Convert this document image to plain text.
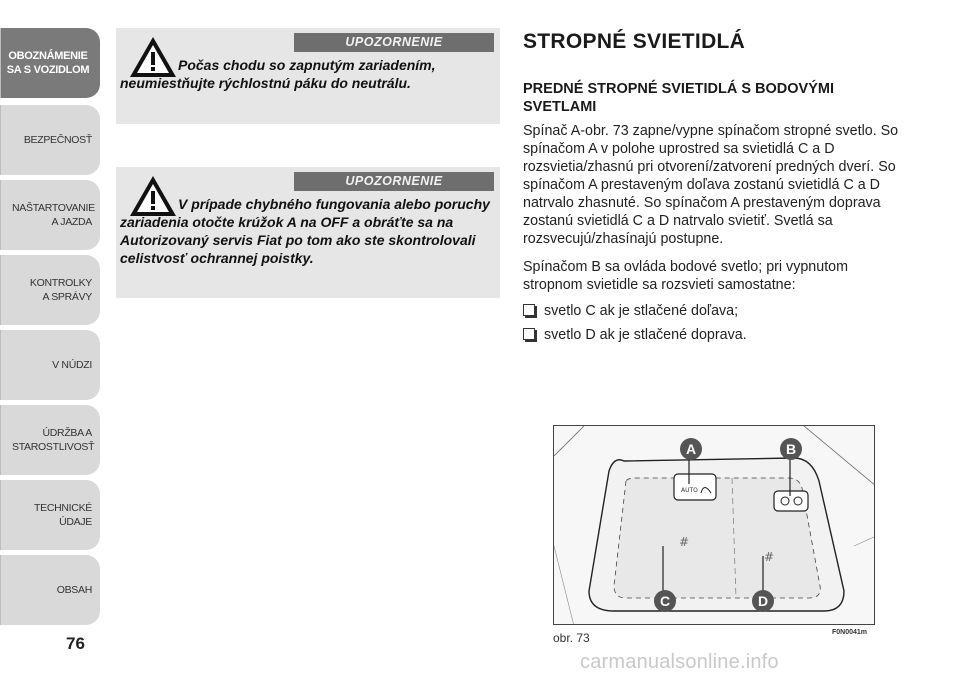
OBOZNÁMENIE SA S VOZIDLOM
BEZPEČNOSŤ
NAŠTARTOVANIE A JAZDA
KONTROLKY A SPRÁVY
V NÚDZI
ÚDRŽBA A STAROSTLIVOSŤ
TECHNICKÉ ÚDAJE
OBSAH
76
UPOZORNENIE
Počas chodu so zapnutým zariadením, neumiestňujte rýchlostnú páku do neutrálu.
UPOZORNENIE
V prípade chybného fungovania alebo poruchy zariadenia otočte krúžok A na OFF a obráťte sa na Autorizovaný servis Fiat po tom ako ste skontrolovali celistvosť ochrannej poistky.
STROPNÉ SVIETIDLÁ
PREDNÉ STROPNÉ SVIETIDLÁ S BODOVÝMI SVETLAMI
Spínač A-obr. 73 zapne/vypne spínačom stropné svetlo. So spínačom A v polohe uprostred sa svietidlá C a D rozsvietia/zhasnú pri otvorení/zatvorení predných dverí. So spínačom A prestaveným doľava zostanú svietidlá C a D natrvalo zhasnuté. So spínačom A prestaveným doprava zostanú svietidlá C a D natrvalo svietiť. Svetlá sa rozsvecujú/zhasínajú postupne.
Spínačom B sa ovláda bodové svetlo; pri vypnutom stropnom svietidle sa rozsvieti samostatne:
svetlo C ak je stlačené doľava;
svetlo D ak je stlačené doprava.
AUTO
#
#
A	B
C	D
obr. 73	F0N0041m
carmanualsonline.info
